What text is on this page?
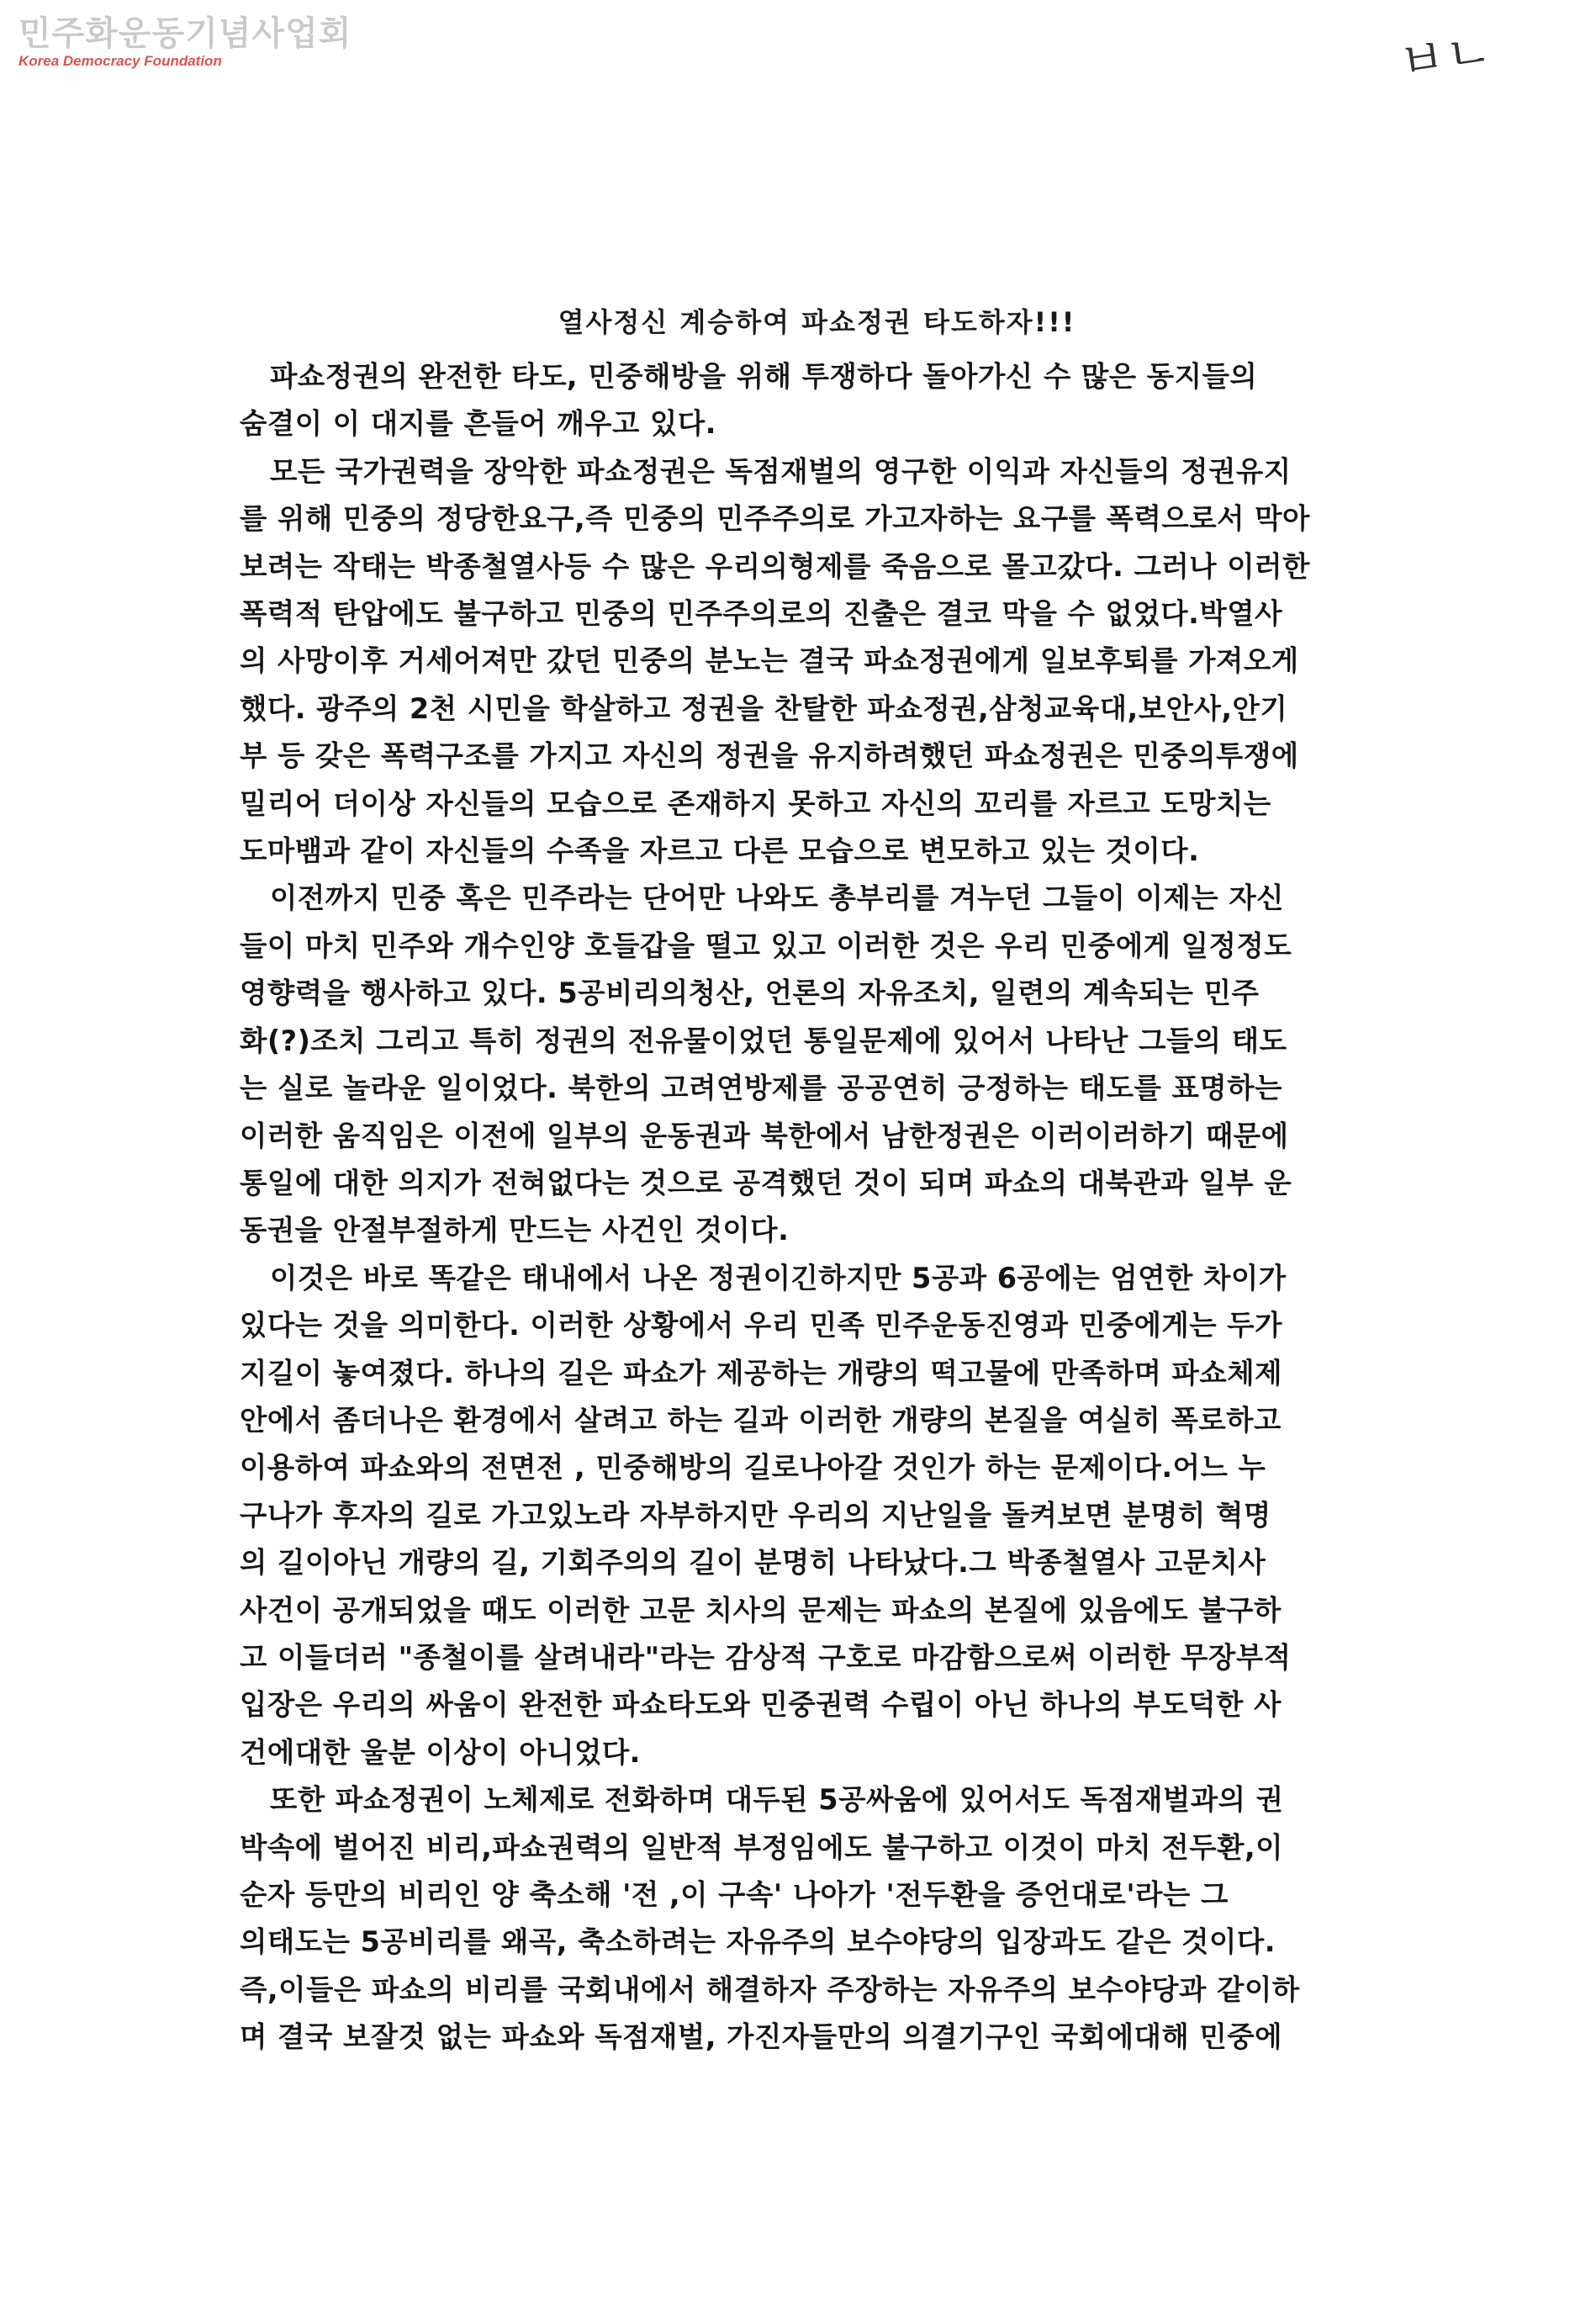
민주화운동기념사업회
Korea Democracy Foundation	ㅂㄴ
열사정신 계승하여 파쇼정권 타도하자!!!
파쇼정권의 완전한 타도, 민중해방을 위해 투쟁하다 돌아가신 수 많은 동지들의
숨결이 이 대지를 흔들어 깨우고 있다.
모든 국가권력을 장악한 파쇼정권은 독점재벌의 영구한 이익과 자신들의 정권유지
를 위해 민중의 정당한요구,즉 민중의 민주주의로 가고자하는 요구를 폭력으로서 막아
보려는 작태는 박종철열사등 수 많은 우리의형제를 죽음으로 몰고갔다. 그러나 이러한
폭력적 탄압에도 불구하고 민중의 민주주의로의 진출은 결코 막을 수 없었다.박열사
의 사망이후 거세어져만 갔던 민중의 분노는 결국 파쇼정권에게 일보후퇴를 가져오게
했다. 광주의 2천 시민을 학살하고 정권을 찬탈한 파쇼정권,삼청교육대,보안사,안기
부 등 갖은 폭력구조를 가지고 자신의 정권을 유지하려했던 파쇼정권은 민중의투쟁에
밀리어 더이상 자신들의 모습으로 존재하지 못하고 자신의 꼬리를 자르고 도망치는
도마뱀과 같이 자신들의 수족을 자르고 다른 모습으로 변모하고 있는 것이다.
이전까지 민중 혹은 민주라는 단어만 나와도 총부리를 겨누던 그들이 이제는 자신
들이 마치 민주와 개수인양 호들갑을 떨고 있고 이러한 것은 우리 민중에게 일정정도
영향력을 행사하고 있다. 5공비리의청산, 언론의 자유조치, 일련의 계속되는 민주
화(?)조치 그리고 특히 정권의 전유물이었던 통일문제에 있어서 나타난 그들의 태도
는 실로 놀라운 일이었다. 북한의 고려연방제를 공공연히 긍정하는 태도를 표명하는
이러한 움직임은 이전에 일부의 운동권과 북한에서 남한정권은 이러이러하기 때문에
통일에 대한 의지가 전혀없다는 것으로 공격했던 것이 되며 파쇼의 대북관과 일부 운
동권을 안절부절하게 만드는 사건인 것이다.
이것은 바로 똑같은 태내에서 나온 정권이긴하지만 5공과 6공에는 엄연한 차이가
있다는 것을 의미한다. 이러한 상황에서 우리 민족 민주운동진영과 민중에게는 두가
지길이 놓여졌다. 하나의 길은 파쇼가 제공하는 개량의 떡고물에 만족하며 파쇼체제
안에서 좀더나은 환경에서 살려고 하는 길과 이러한 개량의 본질을 여실히 폭로하고
이용하여 파쇼와의 전면전 , 민중해방의 길로나아갈 것인가 하는 문제이다.어느 누
구나가 후자의 길로 가고있노라 자부하지만 우리의 지난일을 돌켜보면 분명히 혁명
의 길이아닌 개량의 길, 기회주의의 길이 분명히 나타났다.그 박종철열사 고문치사
사건이 공개되었을 때도 이러한 고문 치사의 문제는 파쇼의 본질에 있음에도 불구하
고 이들더러 "종철이를 살려내라"라는 감상적 구호로 마감함으로써 이러한 무장부적
입장은 우리의 싸움이 완전한 파쇼타도와 민중권력 수립이 아닌 하나의 부도덕한 사
건에대한 울분 이상이 아니었다.
또한 파쇼정권이 노체제로 전화하며 대두된 5공싸움에 있어서도 독점재벌과의 권
박속에 벌어진 비리,파쇼권력의 일반적 부정임에도 불구하고 이것이 마치 전두환,이
순자 등만의 비리인 양 축소해 '전 ,이 구속' 나아가 '전두환을 증언대로'라는 그
의태도는 5공비리를 왜곡, 축소하려는 자유주의 보수야당의 입장과도 같은 것이다.
즉,이들은 파쇼의 비리를 국회내에서 해결하자 주장하는 자유주의 보수야당과 같이하
며 결국 보잘것 없는 파쇼와 독점재벌, 가진자들만의 의결기구인 국회에대해 민중에
